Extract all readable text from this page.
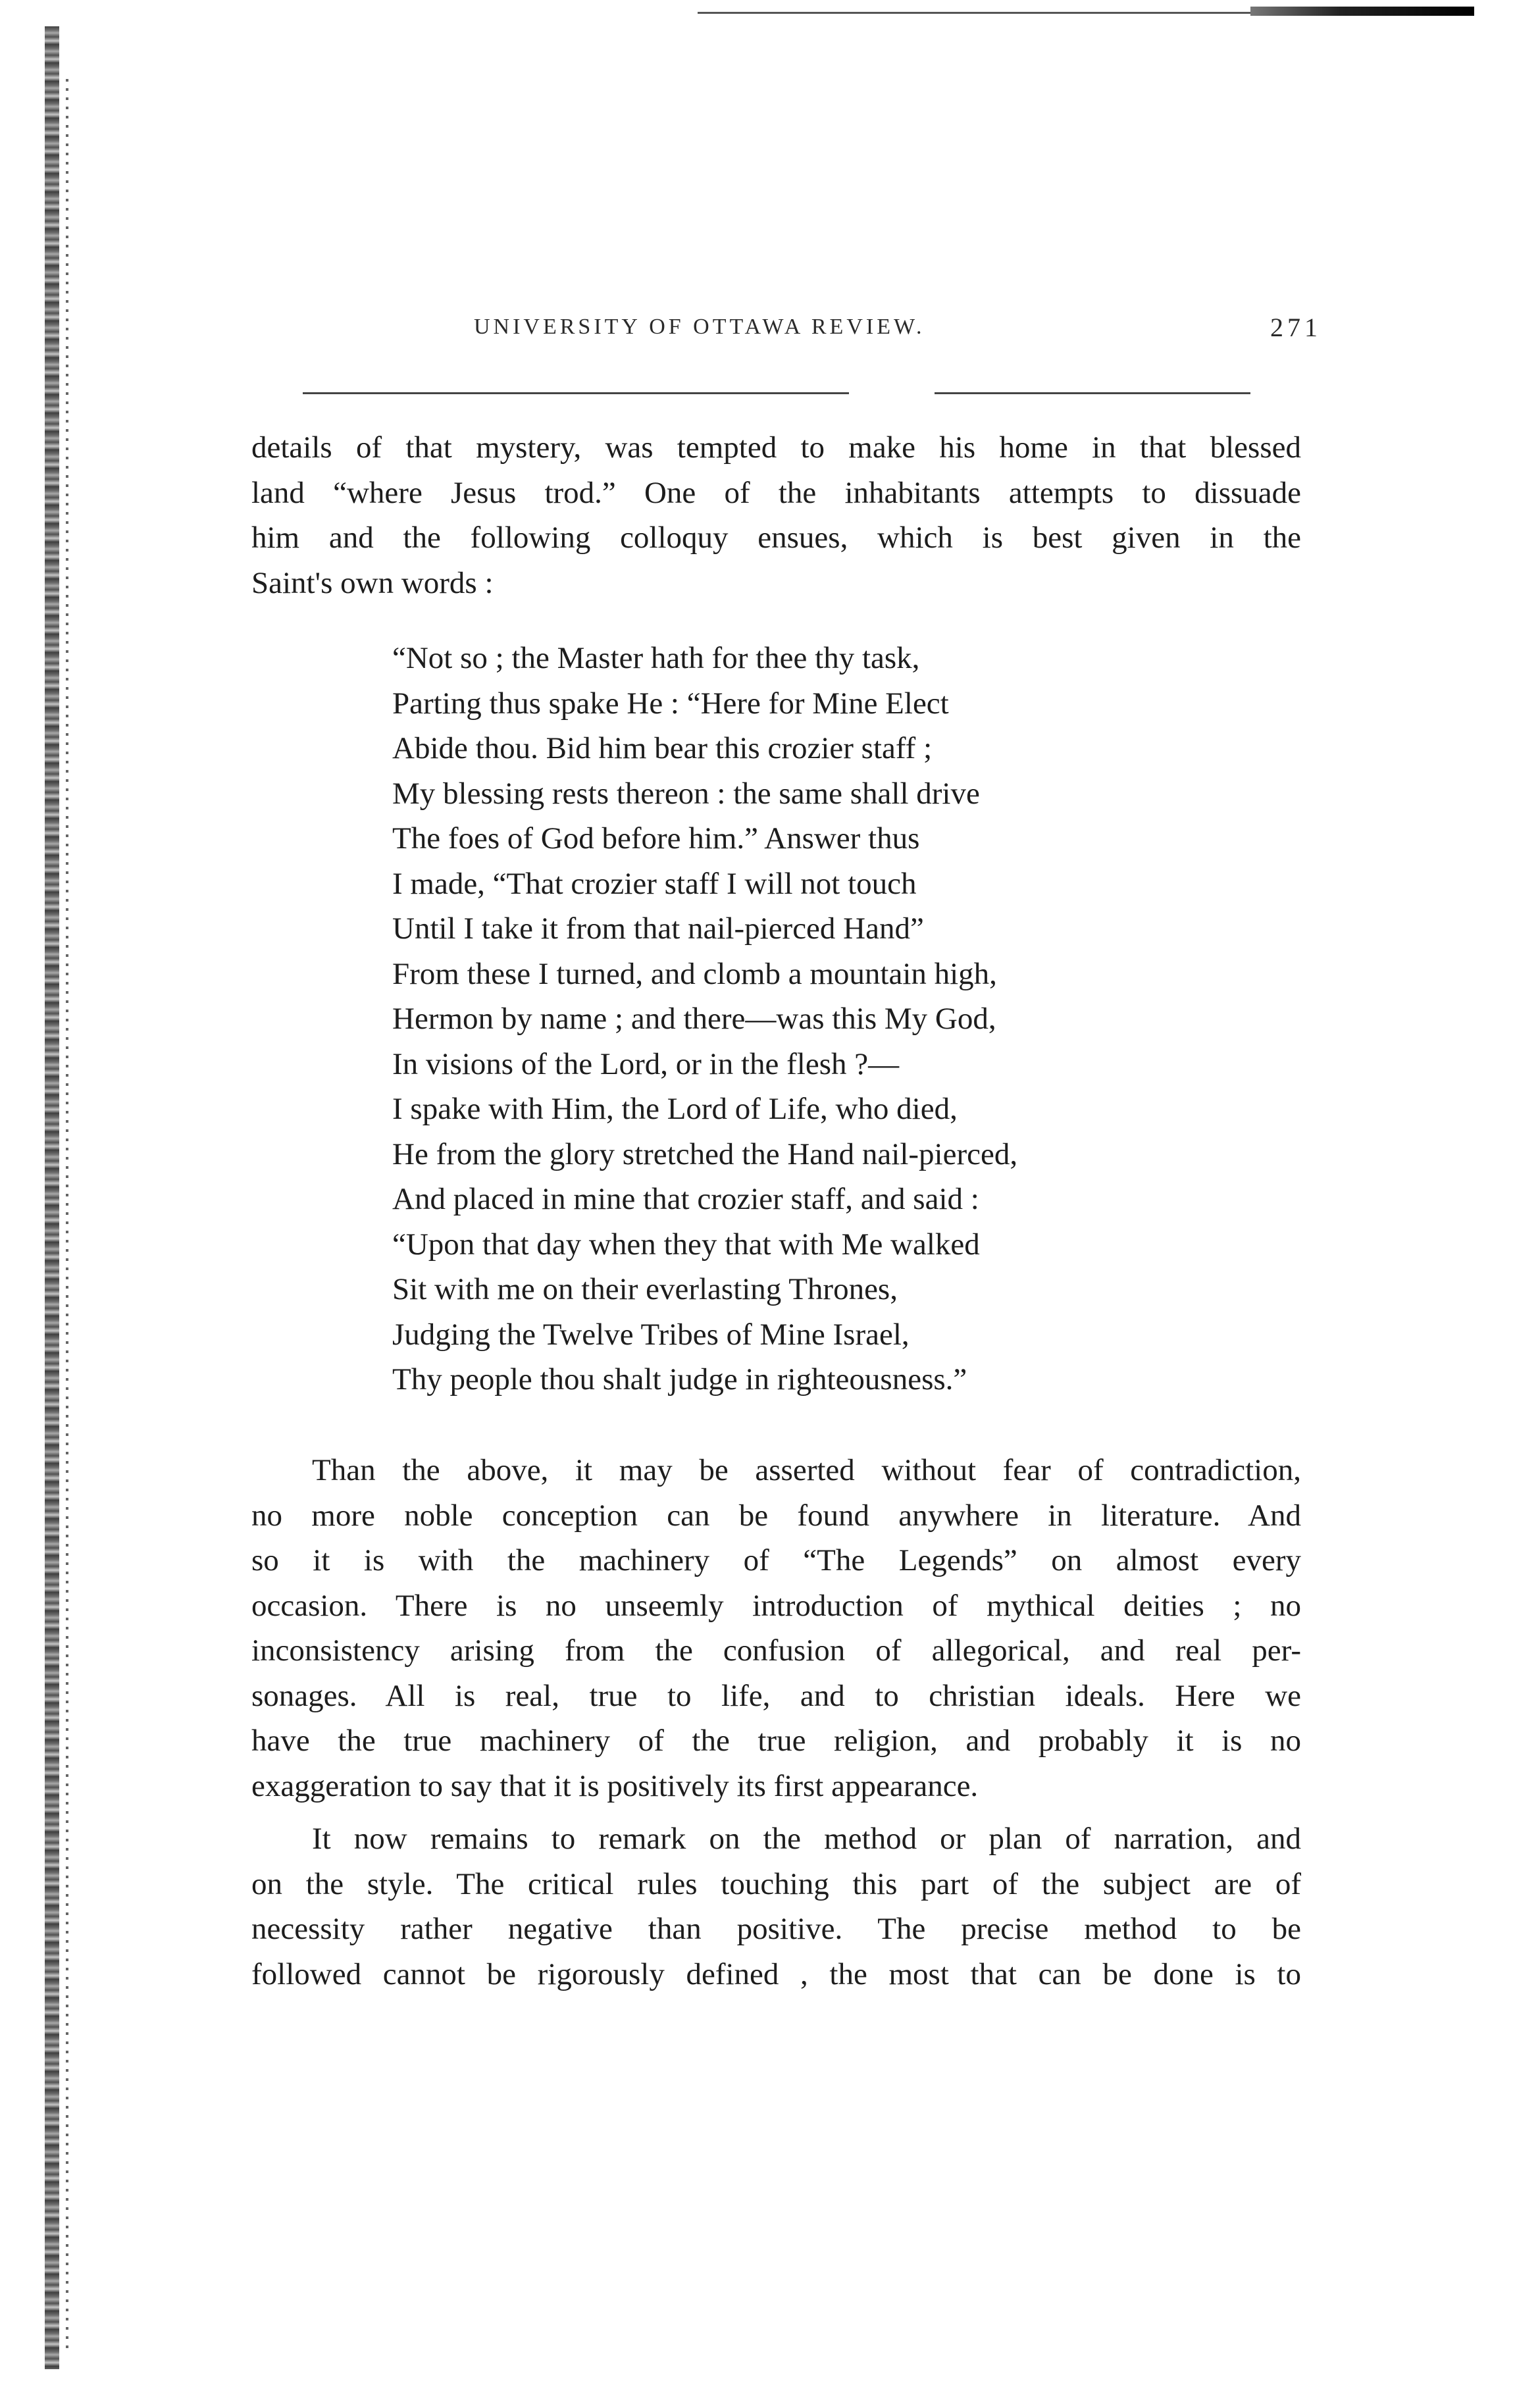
UNIVERSITY OF OTTAWA REVIEW.	271
details of that mystery, was tempted to make his home in that blessed
land “where Jesus trod.” One of the inhabitants attempts to dissuade
him and the following colloquy ensues, which is best given in the
Saint's own words :
“Not so ; the Master hath for thee thy task,
Parting thus spake He : “Here for Mine Elect
Abide thou. Bid him bear this crozier staff ;
My blessing rests thereon : the same shall drive
The foes of God before him.” Answer thus
I made, “That crozier staff I will not touch
Until I take it from that nail-pierced Hand”
From these I turned, and clomb a mountain high,
Hermon by name ; and there—was this My God,
In visions of the Lord, or in the flesh ?—
I spake with Him, the Lord of Life, who died,
He from the glory stretched the Hand nail-pierced,
And placed in mine that crozier staff, and said :
“Upon that day when they that with Me walked
Sit with me on their everlasting Thrones,
Judging the Twelve Tribes of Mine Israel,
Thy people thou shalt judge in righteousness.”
Than the above, it may be asserted without fear of contradiction,
no more noble conception can be found anywhere in literature. And
so it is with the machinery of “The Legends” on almost every
occasion. There is no unseemly introduction of mythical deities ; no
inconsistency arising from the confusion of allegorical, and real per-
sonages. All is real, true to life, and to christian ideals. Here we
have the true machinery of the true religion, and probably it is no
exaggeration to say that it is positively its first appearance.
It now remains to remark on the method or plan of narration, and
on the style. The critical rules touching this part of the subject are of
necessity rather negative than positive. The precise method to be
followed cannot be rigorously defined , the most that can be done is to
